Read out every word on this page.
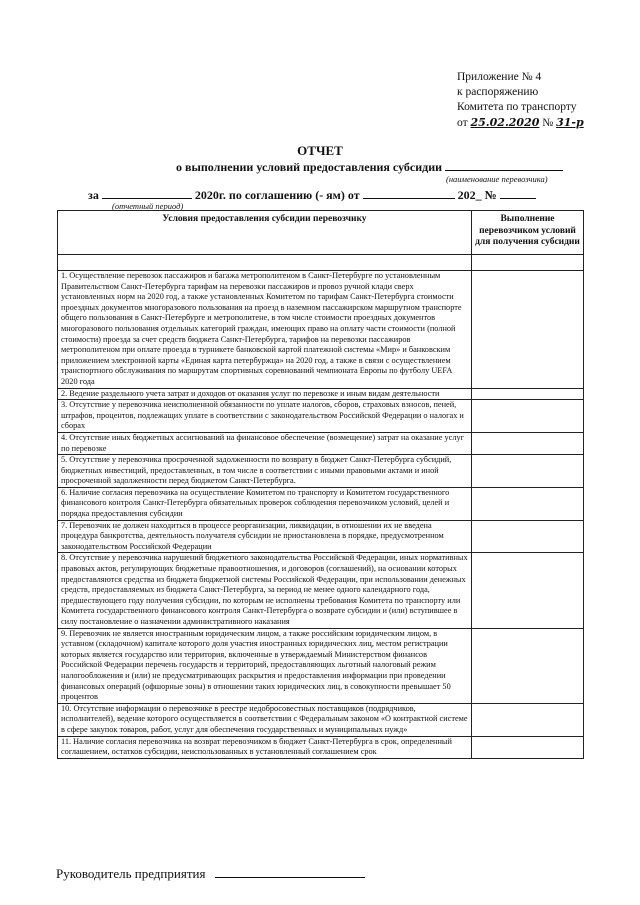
Приложение № 4
к распоряжению
Комитета по транспорту
от 25.02.2020 № 31-р
ОТЧЕТ
о выполнении условий предоставления субсидии
(наименование перевозчика)
за	2020г. по соглашению (- ям) от	202_ №
(отчетный период)
Условия предоставления субсидии перевозчику	Выполнение перевозчиком условий для получения субсидии

1. Осуществление перевозок пассажиров и багажа метрополитеном в Санкт-Петербурге по установленным Правительством Санкт-Петербурга тарифам на перевозки пассажиров и провоз ручной клади сверх установленных норм на 2020 год, а также установленных Комитетом по тарифам Санкт-Петербурга стоимости проездных документов многоразового пользования на проезд в наземном пассажирском маршрутном транспорте общего пользования в Санкт-Петербурге и метрополитене, в том числе стоимости проездных документов многоразового пользования отдельных категорий граждан, имеющих право на оплату части стоимости (полной стоимости) проезда за счет средств бюджета Санкт-Петербурга, тарифов на перевозки пассажиров метрополитеном при оплате проезда в турникете банковской картой платежной системы «Мир» и банковским приложением электронной карты «Единая карта петербуржца» на 2020 год, а также в связи с осуществлением транспортного обслуживания по маршрутам спортивных соревнований чемпионата Европы по футболу UEFA 2020 года	
2. Ведение раздельного учета затрат и доходов от оказания услуг по перевозке и иным видам деятельности	
3. Отсутствие у перевозчика неисполненной обязанности по уплате налогов, сборов, страховых взносов, пеней, штрафов, процентов, подлежащих уплате в соответствии с законодательством Российской Федерации о налогах и сборах	
4. Отсутствие иных бюджетных ассигнований на финансовое обеспечение (возмещение) затрат на оказание услуг по перевозке	
5. Отсутствие у перевозчика просроченной задолженности по возврату в бюджет Санкт-Петербурга субсидий, бюджетных инвестиций, предоставленных, в том числе в соответствии с иными правовыми актами и иной просроченной задолженности перед бюджетом Санкт-Петербурга.	
6. Наличие согласия перевозчика на осуществление Комитетом по транспорту и Комитетом государственного финансового контроля Санкт-Петербурга обязательных проверок соблюдения перевозчиком условий, целей и порядка предоставления субсидии	
7. Перевозчик не должен находиться в процессе реорганизации, ликвидации, в отношении их не введена процедура банкротства, деятельность получателя субсидии не приостановлена в порядке, предусмотренном законодательством Российской Федерации	
8. Отсутствие у перевозчика нарушений бюджетного законодательства Российской Федерации, иных нормативных правовых актов, регулирующих бюджетные правоотношения, и договоров (соглашений), на основании которых предоставляются средства из бюджета бюджетной системы Российской Федерации, при использовании денежных средств, предоставляемых из бюджета Санкт-Петербурга, за период не менее одного календарного года, предшествующего году получения субсидии, по которым не исполнены требования Комитета по транспорту или Комитета государственного финансового контроля Санкт-Петербурга о возврате субсидии и (или) вступившее в силу постановление о назначении административного наказания	
9. Перевозчик не является иностранным юридическим лицом, а также российским юридическим лицом, в уставном (складочном) капитале которого доля участия иностранных юридических лиц, местом регистрации которых является государство или территория, включенные в утверждаемый Министерством финансов Российской Федерации перечень государств и территорий, предоставляющих льготный налоговый режим налогообложения и (или) не предусматривающих раскрытия и предоставления информации при проведении финансовых операций (офшорные зоны) в отношении таких юридических лиц, в совокупности превышает 50 процентов	
10. Отсутствие информации о перевозчике в реестре недобросовестных поставщиков (подрядчиков, исполнителей), ведение которого осуществляется в соответствии с Федеральным законом «О контрактной системе в сфере закупок товаров, работ, услуг для обеспечения государственных и муниципальных нужд»	
11. Наличие согласия перевозчика на возврат перевозчиком в бюджет Санкт-Петербурга в срок, определенный соглашением, остатков субсидии, неиспользованных в установленный соглашением срок	
Руководитель предприятия
